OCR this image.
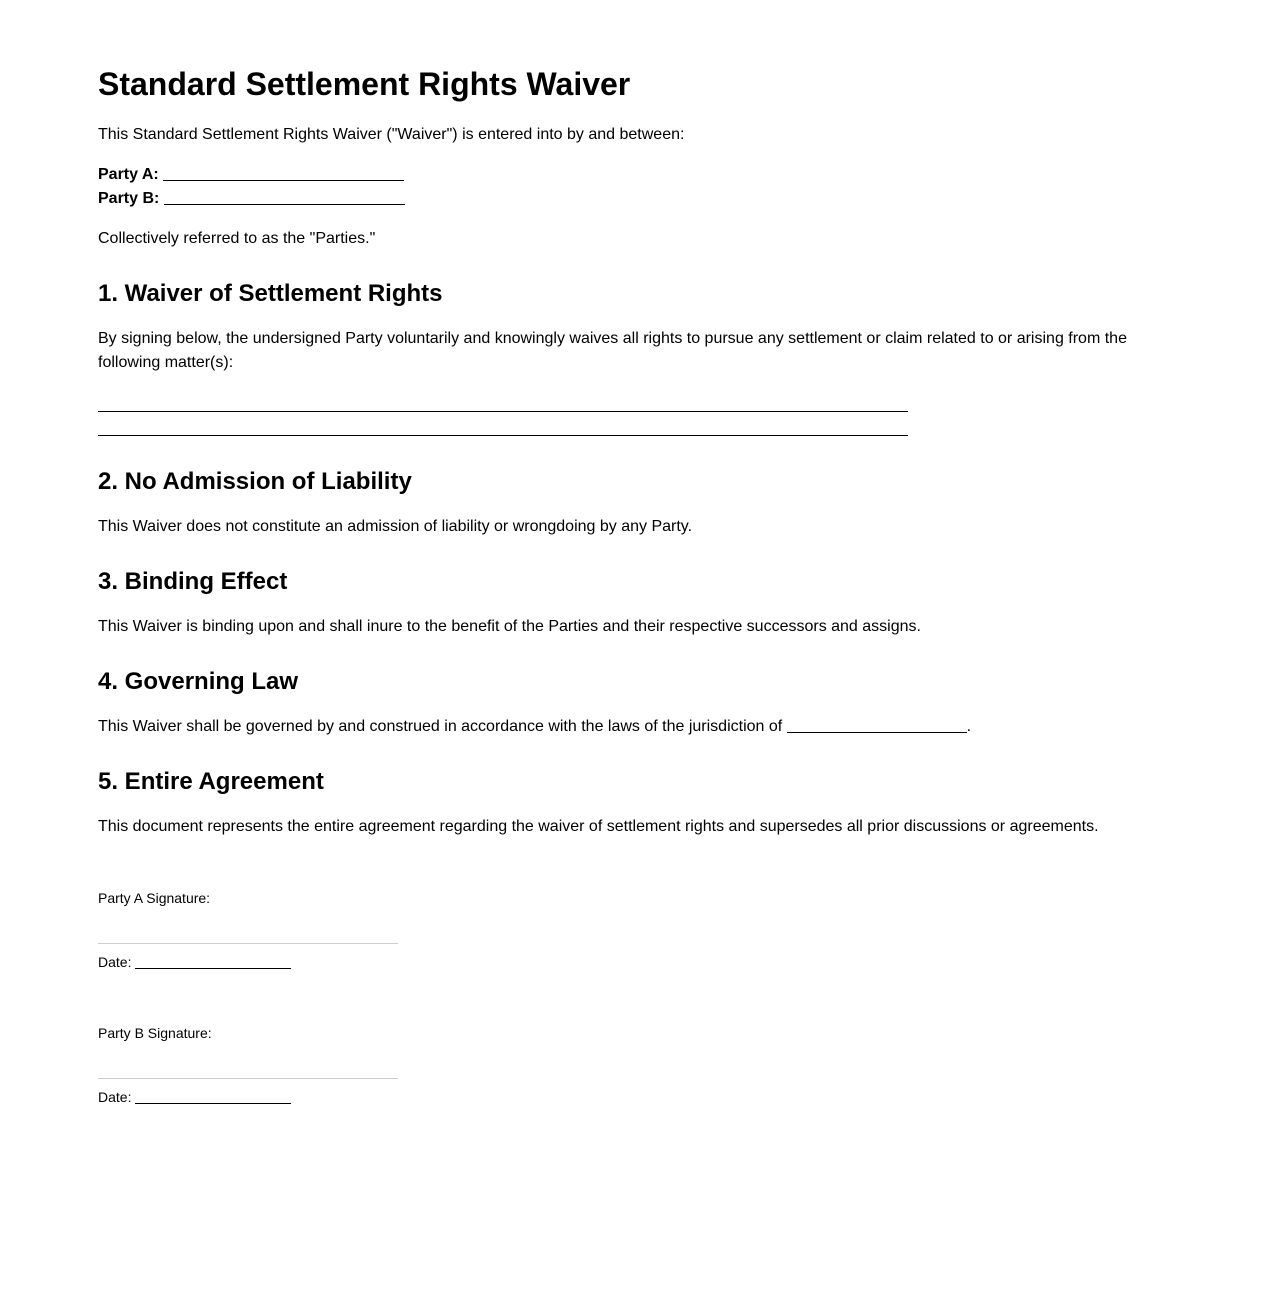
Standard Settlement Rights Waiver

This Standard Settlement Rights Waiver ("Waiver") is entered into by and between:

Party A:

Party B:

Collectively referred to as the "Parties."

1. Waiver of Settlement Rights

By signing below, the undersigned Party voluntarily and knowingly waives all rights to pursue any settlement or claim related to or arising from the following matter(s):

2. No Admission of Liability

This Waiver does not constitute an admission of liability or wrongdoing by any Party.

3. Binding Effect

This Waiver is binding upon and shall inure to the benefit of the Parties and their respective successors and assigns.

4. Governing Law

This Waiver shall be governed by and construed in accordance with the laws of the jurisdiction of	.

5. Entire Agreement

This document represents the entire agreement regarding the waiver of settlement rights and supersedes all prior discussions or agreements.

Party A Signature:

Date:

Party B Signature:

Date:
